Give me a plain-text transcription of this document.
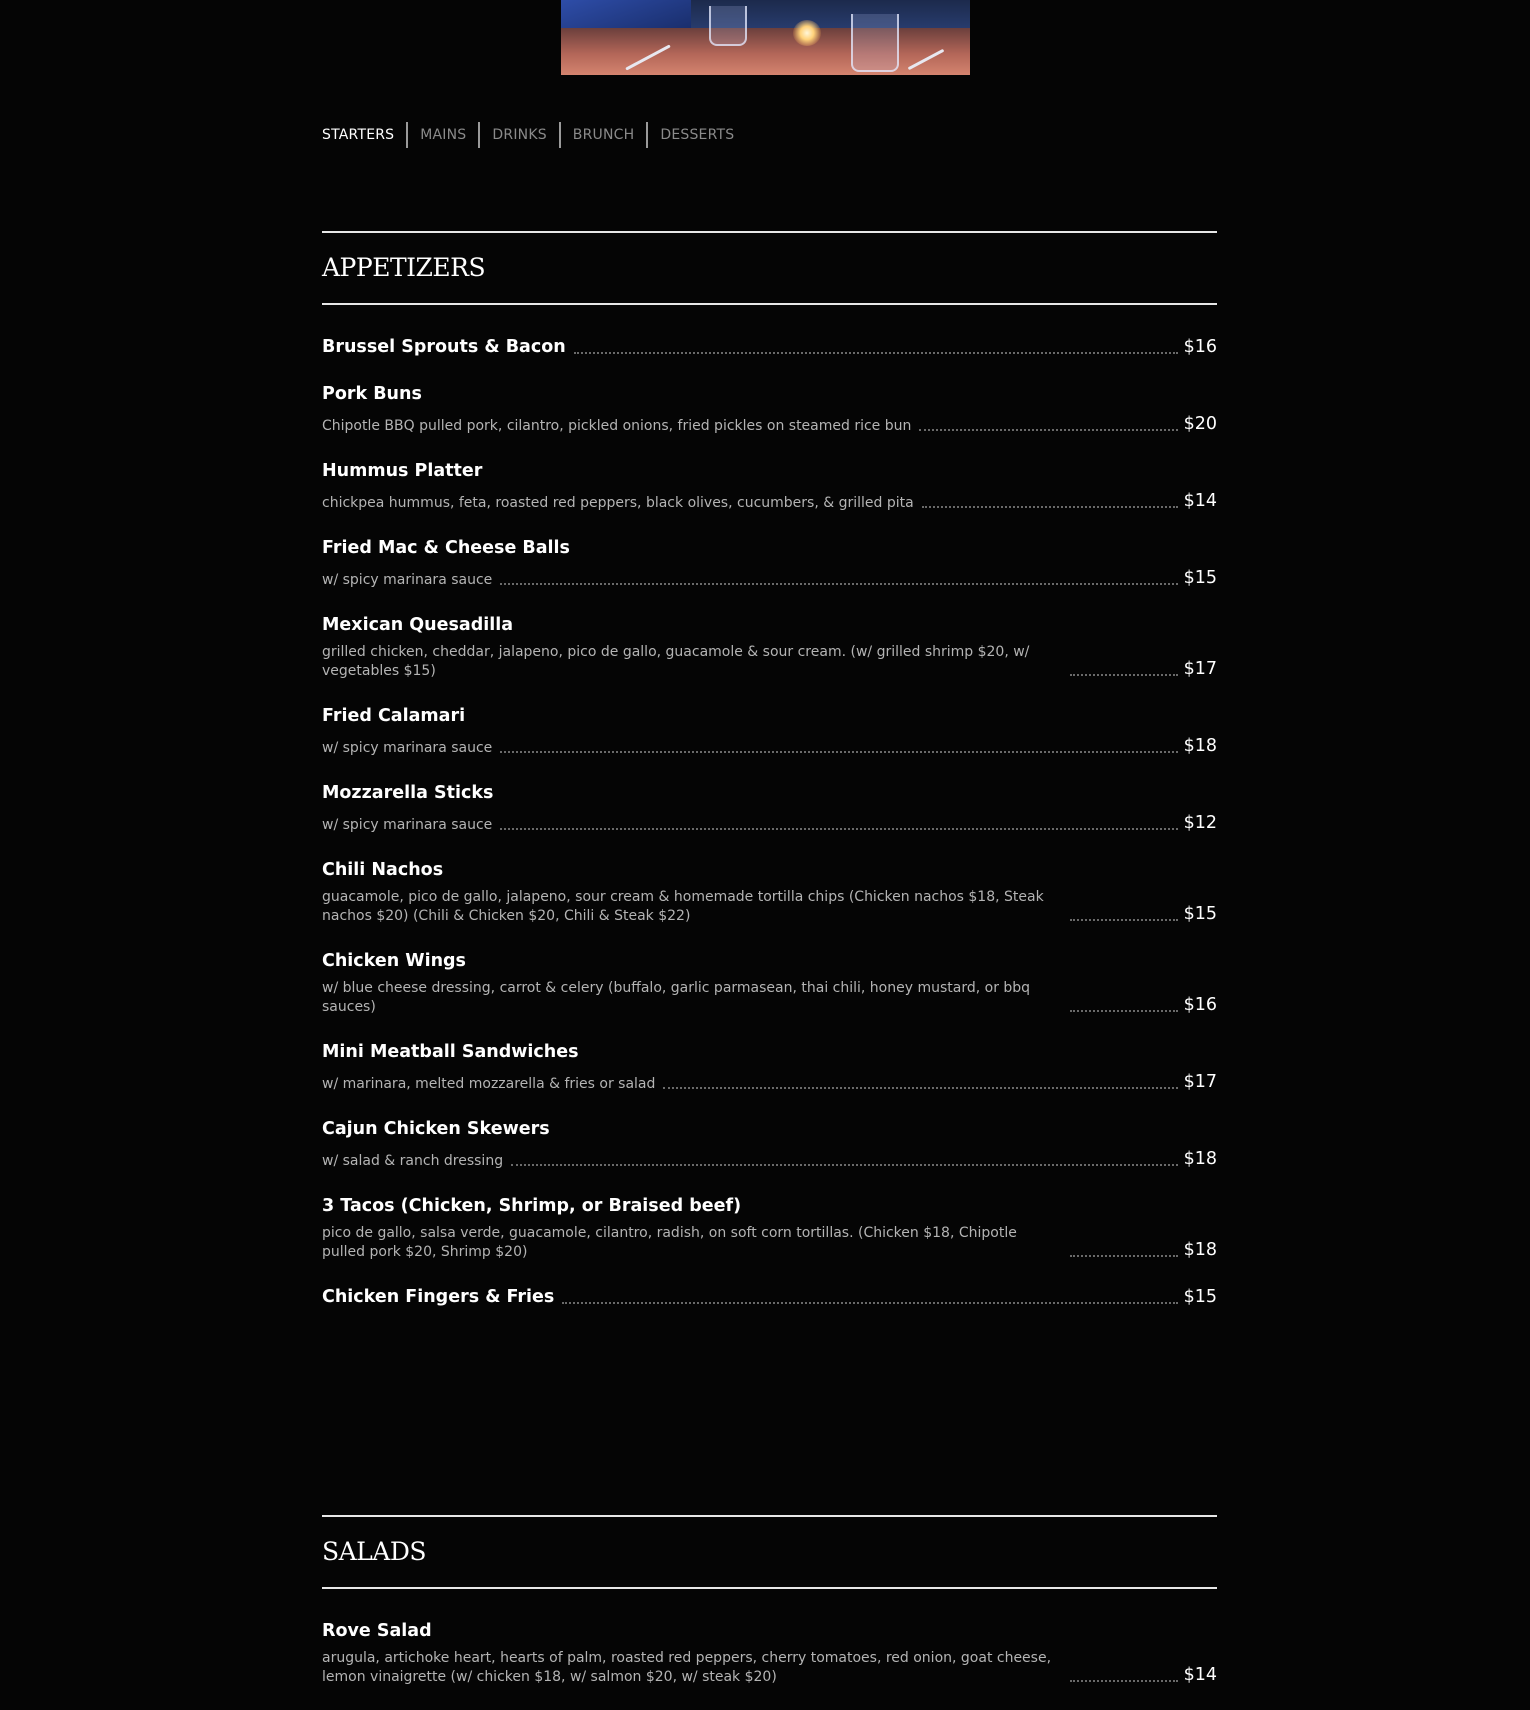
STARTERS	MAINS	DRINKS	BRUNCH	DESSERTS
APPETIZERS
Brussel Sprouts & Bacon	$16
Pork Buns
Chipotle BBQ pulled pork, cilantro, pickled onions, fried pickles on steamed rice bun	$20
Hummus Platter
chickpea hummus, feta, roasted red peppers, black olives, cucumbers, & grilled pita	$14
Fried Mac & Cheese Balls
w/ spicy marinara sauce	$15
Mexican Quesadilla
grilled chicken, cheddar, jalapeno, pico de gallo, guacamole & sour cream. (w/ grilled shrimp $20, w/ vegetables $15)	$17
Fried Calamari
w/ spicy marinara sauce	$18
Mozzarella Sticks
w/ spicy marinara sauce	$12
Chili Nachos
guacamole, pico de gallo, jalapeno, sour cream & homemade tortilla chips (Chicken nachos $18, Steak nachos $20) (Chili & Chicken $20, Chili & Steak $22)	$15
Chicken Wings
w/ blue cheese dressing, carrot & celery (buffalo, garlic parmasean, thai chili, honey mustard, or bbq sauces)	$16
Mini Meatball Sandwiches
w/ marinara, melted mozzarella & fries or salad	$17
Cajun Chicken Skewers
w/ salad & ranch dressing	$18
3 Tacos (Chicken, Shrimp, or Braised beef)
pico de gallo, salsa verde, guacamole, cilantro, radish, on soft corn tortillas. (Chicken $18, Chipotle pulled pork $20, Shrimp $20)	$18
Chicken Fingers & Fries	$15
SALADS
Rove Salad
arugula, artichoke heart, hearts of palm, roasted red peppers, cherry tomatoes, red onion, goat cheese, lemon vinaigrette (w/ chicken $18, w/ salmon $20, w/ steak $20)	$14
